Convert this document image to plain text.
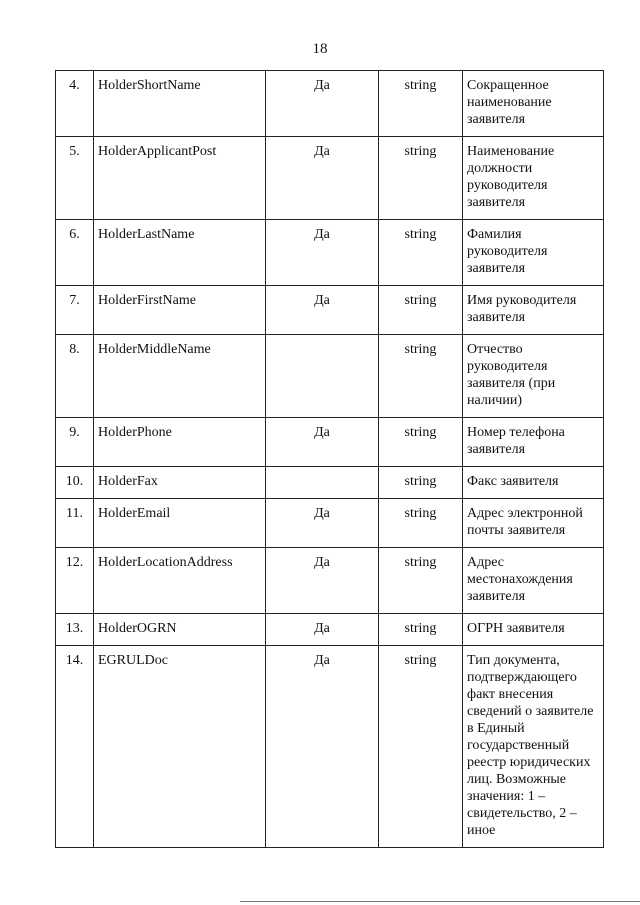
18
4.	HolderShortName	Да	string	Сокращенное наименование заявителя
5.	HolderApplicantPost	Да	string	Наименование должности руководителя заявителя
6.	HolderLastName	Да	string	Фамилия руководителя заявителя
7.	HolderFirstName	Да	string	Имя руководителя заявителя
8.	HolderMiddleName		string	Отчество руководителя заявителя (при наличии)
9.	HolderPhone	Да	string	Номер телефона заявителя
10.	HolderFax		string	Факс заявителя
11.	HolderEmail	Да	string	Адрес электронной почты заявителя
12.	HolderLocationAddress	Да	string	Адрес местонахождения заявителя
13.	HolderOGRN	Да	string	ОГРН заявителя
14.	EGRULDoc	Да	string	Тип документа, подтверждающего факт внесения сведений о заявителе в Единый государственный реестр юридических лиц. Возможные значения: 1 – свидетельство, 2 – иное
